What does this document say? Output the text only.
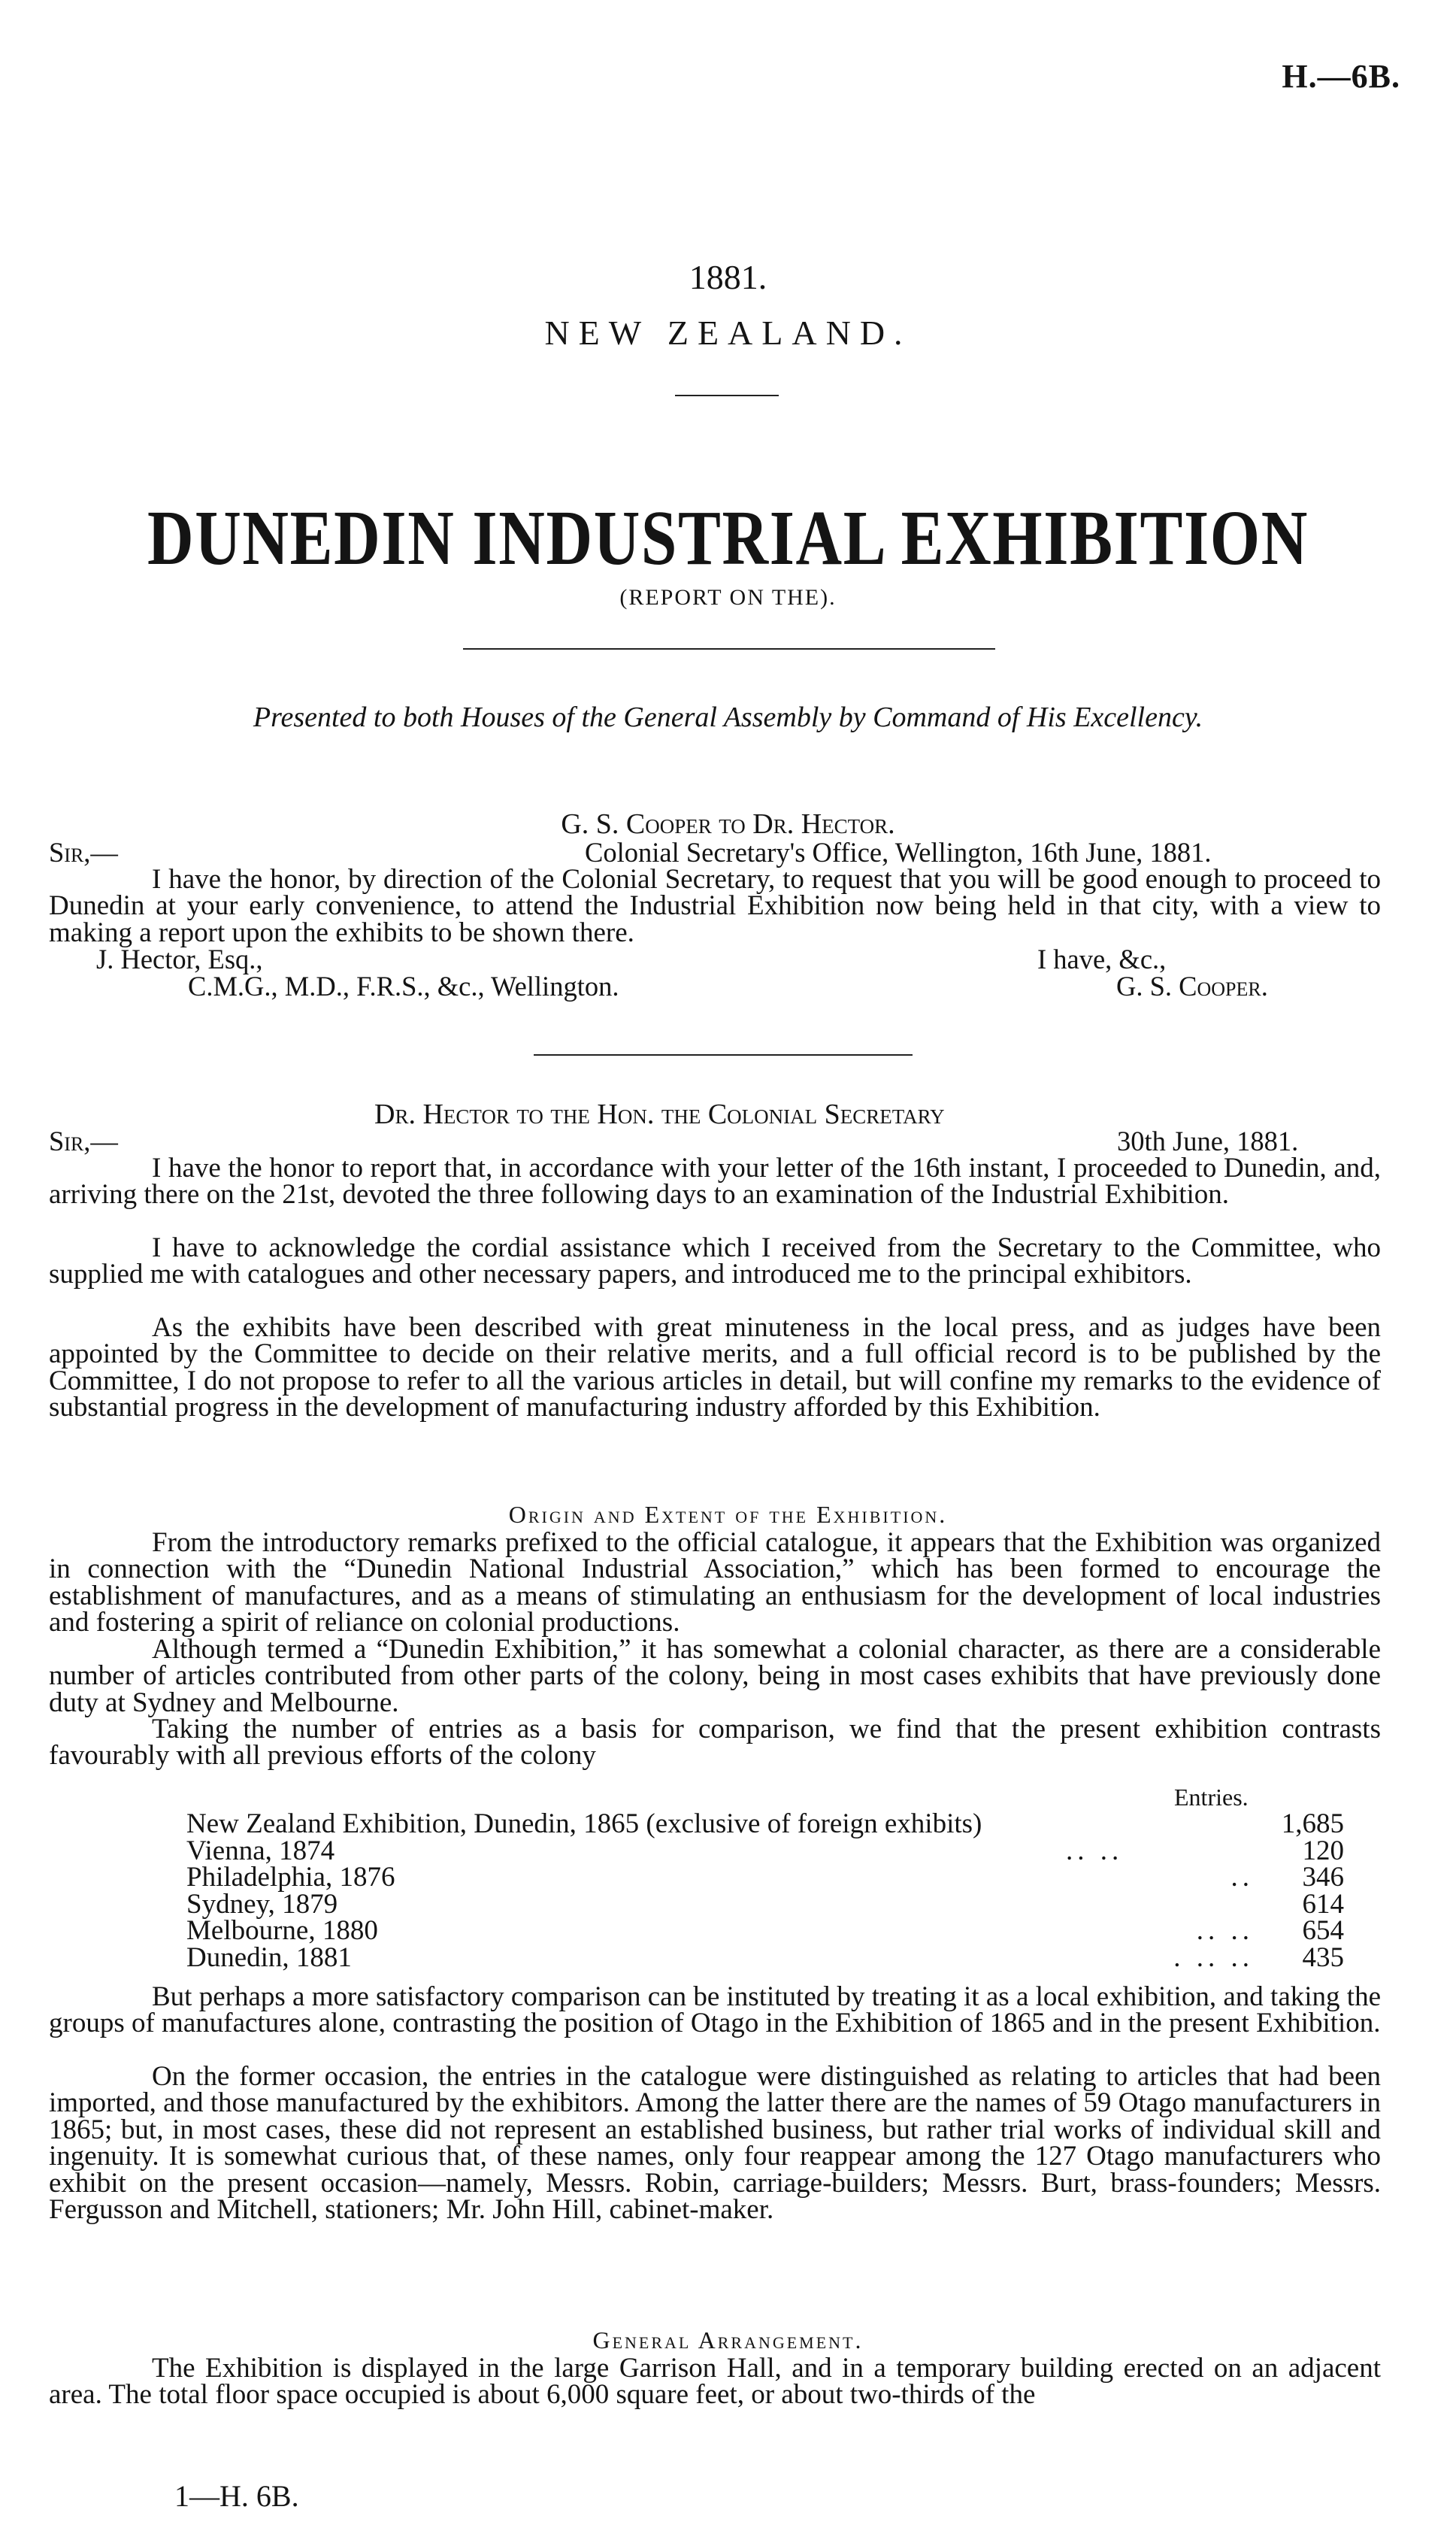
H.—6B.
1881.
NEW ZEALAND.
DUNEDIN INDUSTRIAL EXHIBITION
(REPORT ON THE).
Presented to both Houses of the General Assembly by Command of His Excellency.
G. S. Cooper to Dr. Hector.
Sir,—	Colonial Secretary's Office, Wellington, 16th June, 1881.
I have the honor, by direction of the Colonial Secretary, to request that you will be good enough to proceed to Dunedin at your early convenience, to attend the Industrial Exhibition now being held in that city, with a view to making a report upon the exhibits to be shown there.
J. Hector, Esq.,	I have, &c.,
C.M.G., M.D., F.R.S., &c., Wellington.	G. S. Cooper.
Dr. Hector to the Hon. the Colonial Secretary
Sir,—	30th June, 1881.
I have the honor to report that, in accordance with your letter of the 16th instant, I proceeded to Dunedin, and, arriving there on the 21st, devoted the three following days to an examination of the Industrial Exhibition.
I have to acknowledge the cordial assistance which I received from the Secretary to the Committee, who supplied me with catalogues and other necessary papers, and introduced me to the principal exhibitors.
As the exhibits have been described with great minuteness in the local press, and as judges have been appointed by the Committee to decide on their relative merits, and a full official record is to be published by the Committee, I do not propose to refer to all the various articles in detail, but will confine my remarks to the evidence of substantial progress in the development of manufacturing industry afforded by this Exhibition.
Origin and Extent of the Exhibition.
From the introductory remarks prefixed to the official catalogue, it appears that the Exhibition was organized in connection with the “Dunedin National Industrial Association,” which has been formed to encourage the establishment of manufactures, and as a means of stimulating an enthusiasm for the development of local industries and fostering a spirit of reliance on colonial productions.
Although termed a “Dunedin Exhibition,” it has somewhat a colonial character, as there are a considerable number of articles contributed from other parts of the colony, being in most cases exhibits that have previously done duty at Sydney and Melbourne.
Taking the number of entries as a basis for comparison, we find that the present exhibition contrasts favourably with all previous efforts of the colony
Entries.
New Zealand Exhibition, Dunedin, 1865 (exclusive of foreign exhibits)		1,685
Vienna, 1874	.. ..	120
Philadelphia, 1876	..	346
Sydney, 1879		614
Melbourne, 1880	.. ..	654
Dunedin, 1881	. .. ..	435
But perhaps a more satisfactory comparison can be instituted by treating it as a local exhibition, and taking the groups of manufactures alone, contrasting the position of Otago in the Exhibition of 1865 and in the present Exhibition.
On the former occasion, the entries in the catalogue were distinguished as relating to articles that had been imported, and those manufactured by the exhibitors. Among the latter there are the names of 59 Otago manufacturers in 1865; but, in most cases, these did not represent an established business, but rather trial works of individual skill and ingenuity. It is somewhat curious that, of these names, only four reappear among the 127 Otago manufacturers who exhibit on the present occasion—namely, Messrs. Robin, carriage-builders; Messrs. Burt, brass-founders; Messrs. Fergusson and Mitchell, stationers; Mr. John Hill, cabinet-maker.
General Arrangement.
The Exhibition is displayed in the large Garrison Hall, and in a temporary building erected on an adjacent area. The total floor space occupied is about 6,000 square feet, or about two-thirds of the
1—H. 6B.
